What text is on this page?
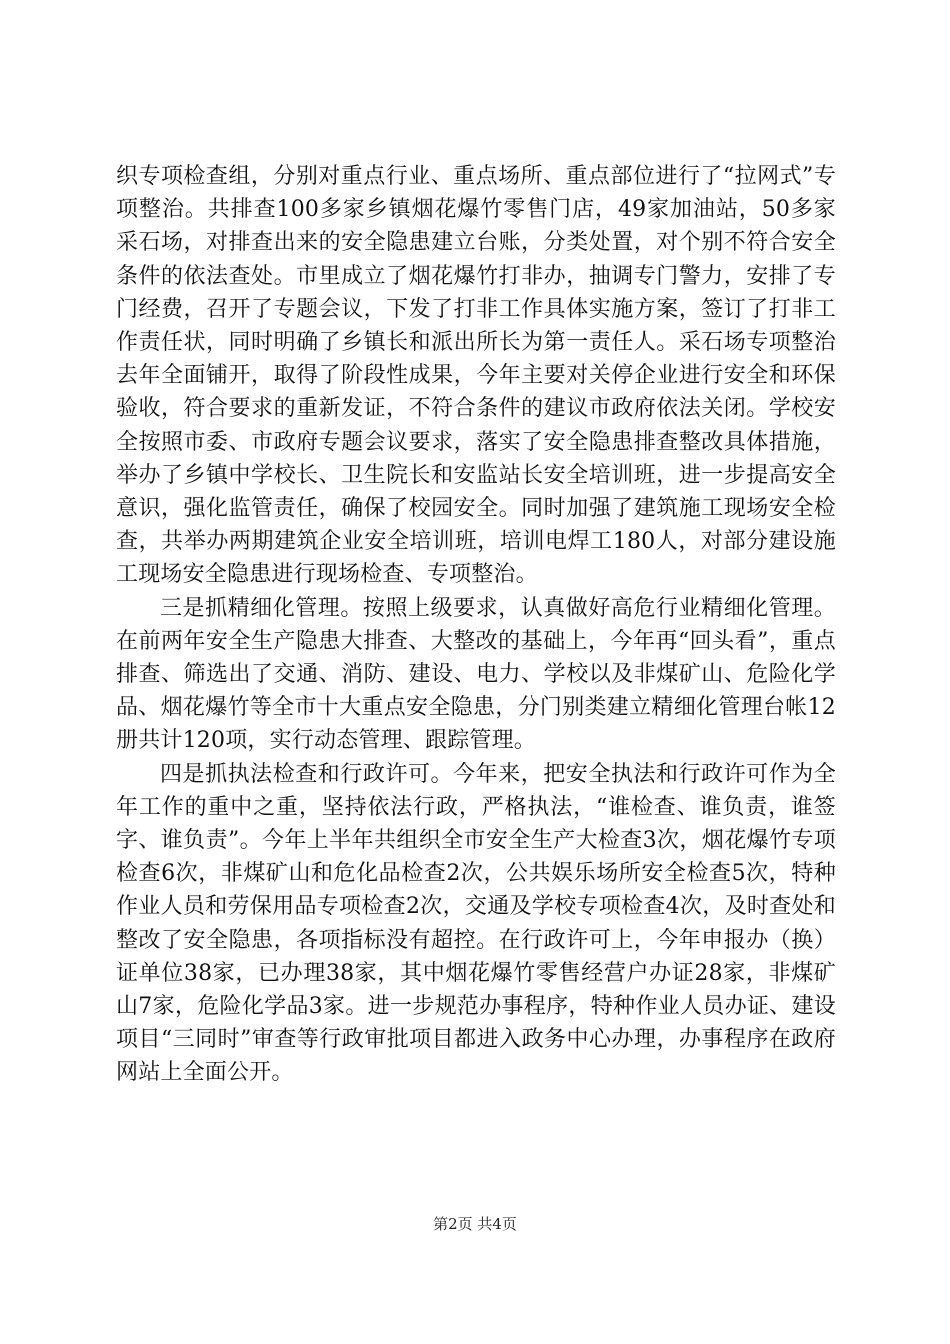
织专项检查组，分别对重点行业、重点场所、重点部位进行了“拉网式”专项整治。共排查100多家乡镇烟花爆竹零售门店，49家加油站，50多家采石场，对排查出来的安全隐患建立台账，分类处置，对个别不符合安全条件的依法查处。市里成立了烟花爆竹打非办，抽调专门警力，安排了专门经费，召开了专题会议，下发了打非工作具体实施方案，签订了打非工作责任状，同时明确了乡镇长和派出所长为第一责任人。采石场专项整治去年全面铺开，取得了阶段性成果，今年主要对关停企业进行安全和环保验收，符合要求的重新发证，不符合条件的建议市政府依法关闭。学校安全按照市委、市政府专题会议要求，落实了安全隐患排查整改具体措施，举办了乡镇中学校长、卫生院长和安监站长安全培训班，进一步提高安全意识，强化监管责任，确保了校园安全。同时加强了建筑施工现场安全检查，共举办两期建筑企业安全培训班，培训电焊工180人，对部分建设施工现场安全隐患进行现场检查、专项整治。

三是抓精细化管理。按照上级要求，认真做好高危行业精细化管理。在前两年安全生产隐患大排查、大整改的基础上，今年再“回头看”，重点排查、筛选出了交通、消防、建设、电力、学校以及非煤矿山、危险化学品、烟花爆竹等全市十大重点安全隐患，分门别类建立精细化管理台帐12册共计120项，实行动态管理、跟踪管理。

四是抓执法检查和行政许可。今年来，把安全执法和行政许可作为全年工作的重中之重，坚持依法行政，严格执法，“谁检查、谁负责，谁签字、谁负责”。今年上半年共组织全市安全生产大检查3次，烟花爆竹专项检查6次，非煤矿山和危化品检查2次，公共娱乐场所安全检查5次，特种作业人员和劳保用品专项检查2次，交通及学校专项检查4次，及时查处和整改了安全隐患，各项指标没有超控。在行政许可上，今年申报办（换）证单位38家，已办理38家，其中烟花爆竹零售经营户办证28家，非煤矿山7家，危险化学品3家。进一步规范办事程序，特种作业人员办证、建设项目“三同时”审查等行政审批项目都进入政务中心办理，办事程序在政府网站上全面公开。

第2页 共4页
